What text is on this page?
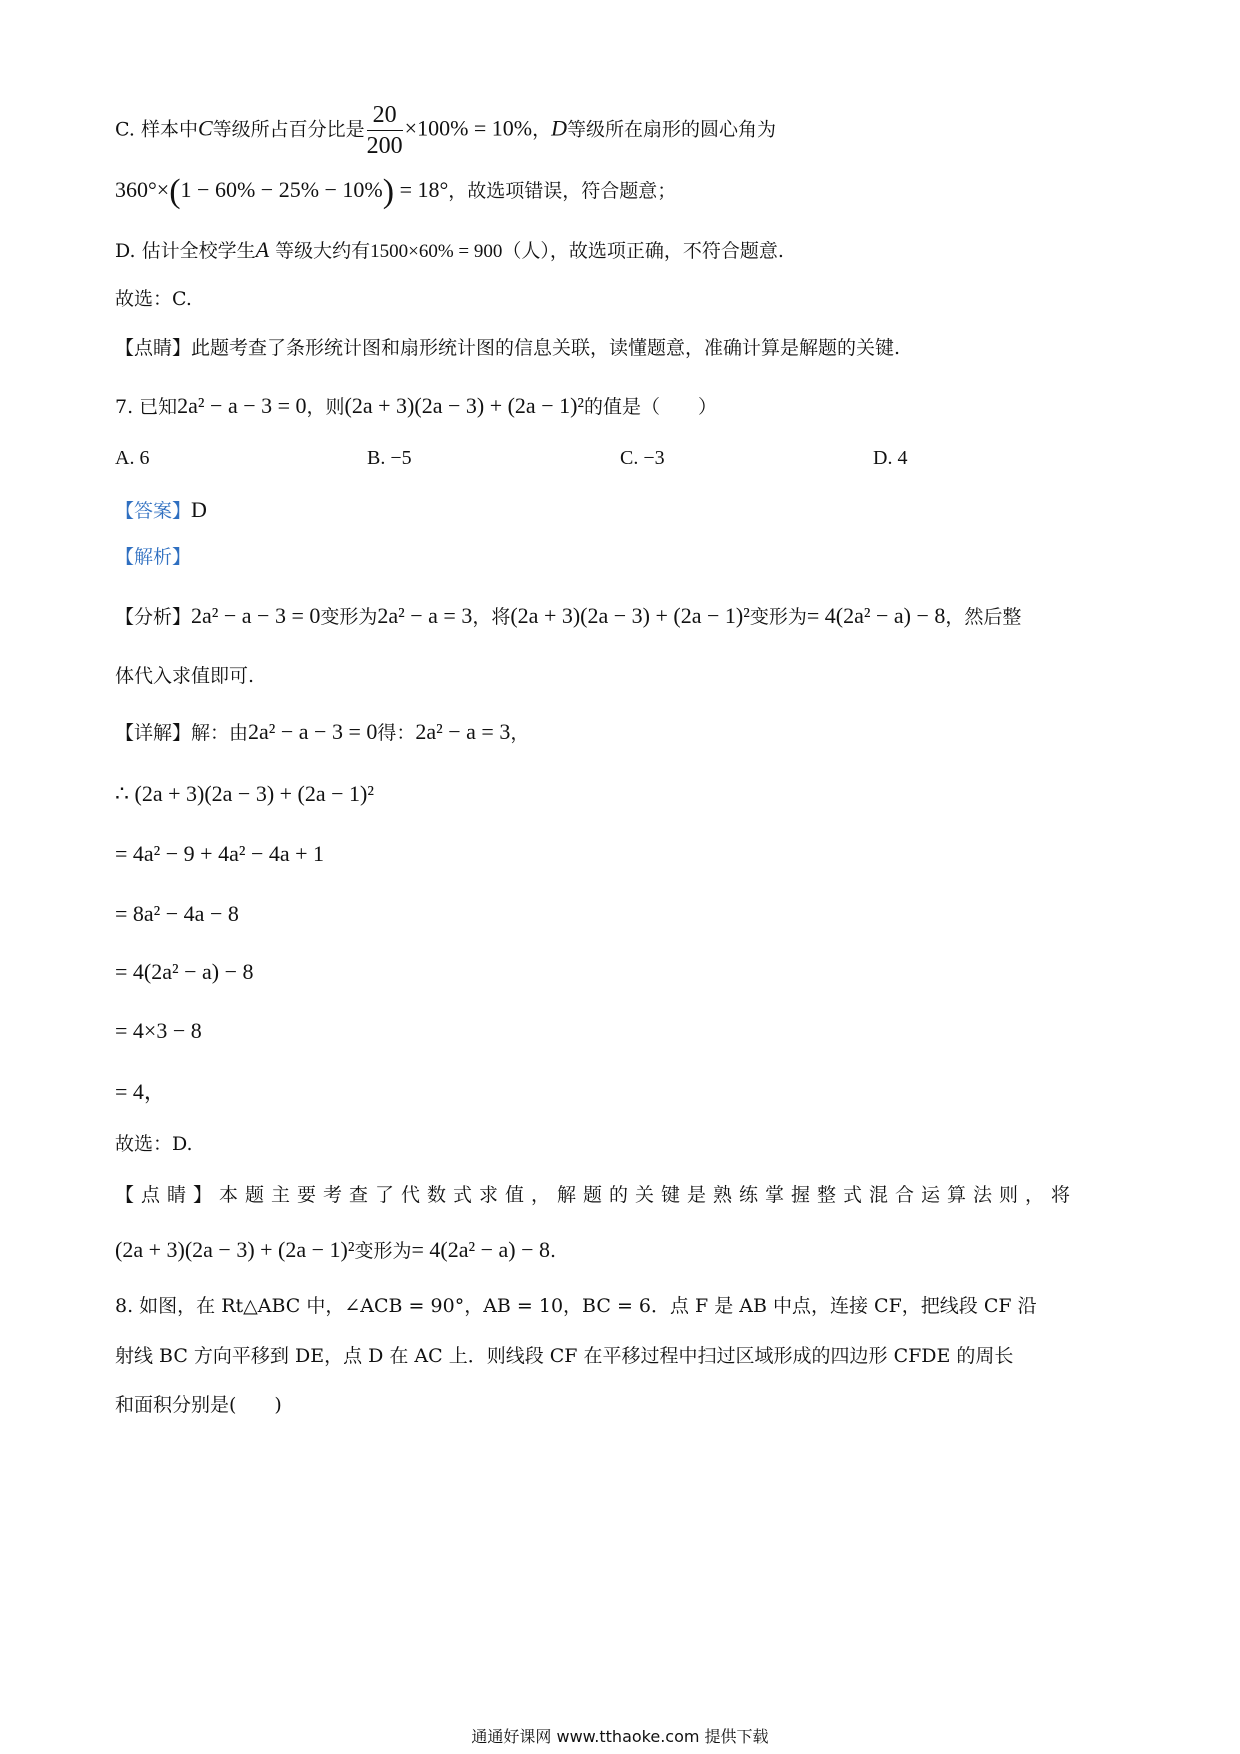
C. 样本中C等级所占百分比是 $\frac{20}{200} \times 100\% = 10\%$，D等级所在扇形的圆心角为
360°×(1 − 60% − 25% − 10%) = 18°，故选项错误，符合题意；
D. 估计全校学生A 等级大约有1500×60% = 900（人），故选项正确，不符合题意.
故选：C.
【点睛】此题考查了条形统计图和扇形统计图的信息关联，读懂题意，准确计算是解题的关键.
7. 已知2a² − a − 3 = 0，则(2a + 3)(2a − 3) + (2a − 1)²的值是（　　）
A. 6	B. −5	C. −3	D. 4
【答案】D
【解析】
【分析】2a² − a − 3 = 0变形为2a² − a = 3，将(2a + 3)(2a − 3) + (2a − 1)²变形为= 4(2a² − a) − 8，然后整
体代入求值即可.
【详解】解：由2a² − a − 3 = 0得：2a² − a = 3，
∴ (2a + 3)(2a − 3) + (2a − 1)²
= 4a² − 9 + 4a² − 4a + 1
= 8a² − 4a − 8
= 4(2a² − a) − 8
= 4×3 − 8
= 4，
故选：D.
【点睛】本题主要考查了代数式求值，解题的关键是熟练掌握整式混合运算法则，将
(2a + 3)(2a − 3) + (2a − 1)²变形为= 4(2a² − a) − 8.
8. 如图，在 Rt△ABC 中，∠ACB = 90°，AB = 10，BC = 6．点 F 是 AB 中点，连接 CF，把线段 CF 沿
射线 BC 方向平移到 DE，点 D 在 AC 上．则线段 CF 在平移过程中扫过区域形成的四边形 CFDE 的周长
和面积分别是(　　)
通通好课网 www.tthaoke.com 提供下载
